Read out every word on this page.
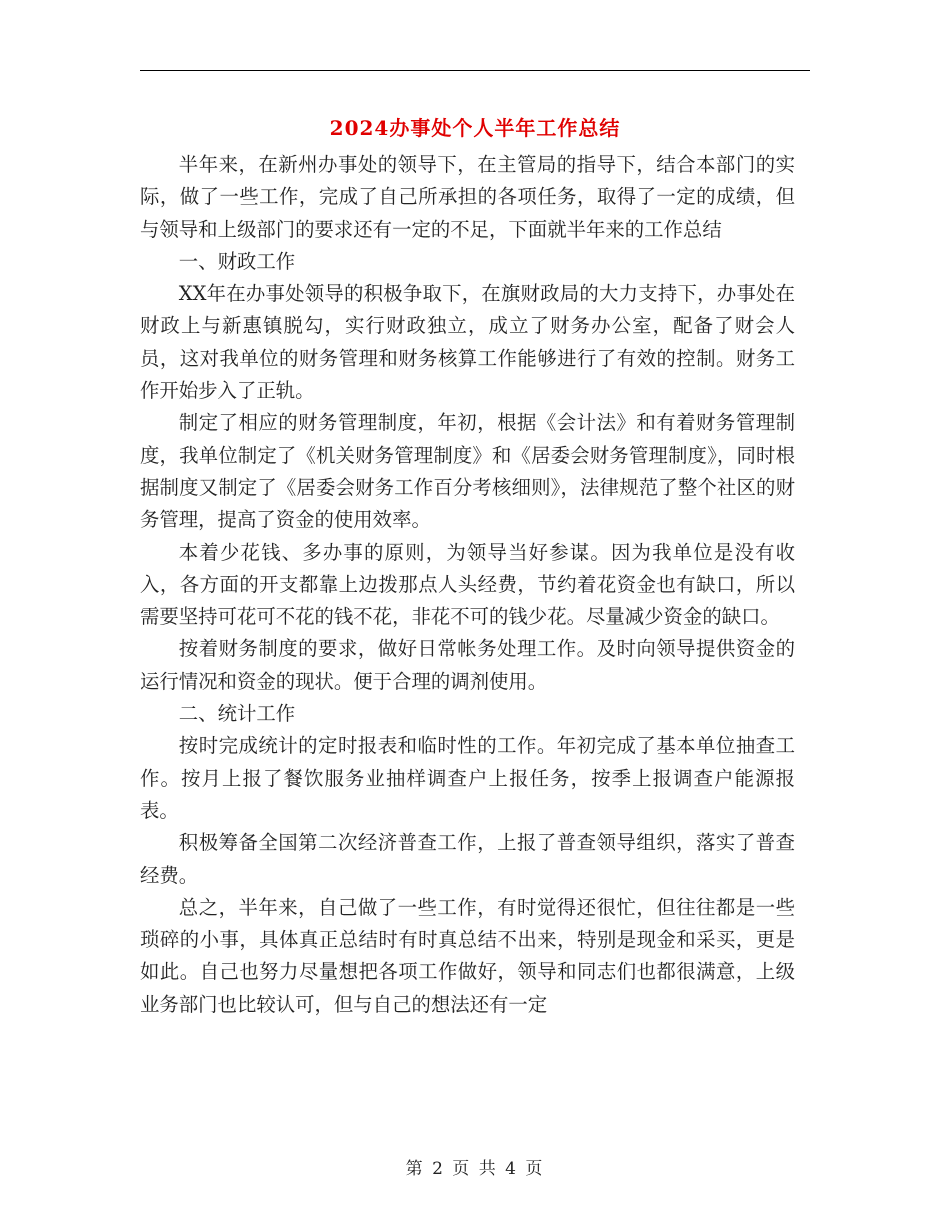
2024办事处个人半年工作总结

半年来，在新州办事处的领导下，在主管局的指导下，结合本部门的实际，做了一些工作，完成了自己所承担的各项任务，取得了一定的成绩，但与领导和上级部门的要求还有一定的不足，下面就半年来的工作总结

一、财政工作

XX年在办事处领导的积极争取下，在旗财政局的大力支持下，办事处在财政上与新惠镇脱勾，实行财政独立，成立了财务办公室，配备了财会人员，这对我单位的财务管理和财务核算工作能够进行了有效的控制。财务工作开始步入了正轨。

制定了相应的财务管理制度，年初，根据《会计法》和有着财务管理制度，我单位制定了《机关财务管理制度》和《居委会财务管理制度》，同时根据制度又制定了《居委会财务工作百分考核细则》，法律规范了整个社区的财务管理，提高了资金的使用效率。

本着少花钱、多办事的原则，为领导当好参谋。因为我单位是没有收入，各方面的开支都靠上边拨那点人头经费，节约着花资金也有缺口，所以需要坚持可花可不花的钱不花，非花不可的钱少花。尽量减少资金的缺口。

按着财务制度的要求，做好日常帐务处理工作。及时向领导提供资金的运行情况和资金的现状。便于合理的调剂使用。

二、统计工作

按时完成统计的定时报表和临时性的工作。年初完成了基本单位抽查工作。按月上报了餐饮服务业抽样调查户上报任务，按季上报调查户能源报表。

积极筹备全国第二次经济普查工作，上报了普查领导组织，落实了普查经费。

总之，半年来，自己做了一些工作，有时觉得还很忙，但往往都是一些琐碎的小事，具体真正总结时有时真总结不出来，特别是现金和采买，更是如此。自己也努力尽量想把各项工作做好，领导和同志们也都很满意，上级业务部门也比较认可，但与自己的想法还有一定

第 2 页 共 4 页
